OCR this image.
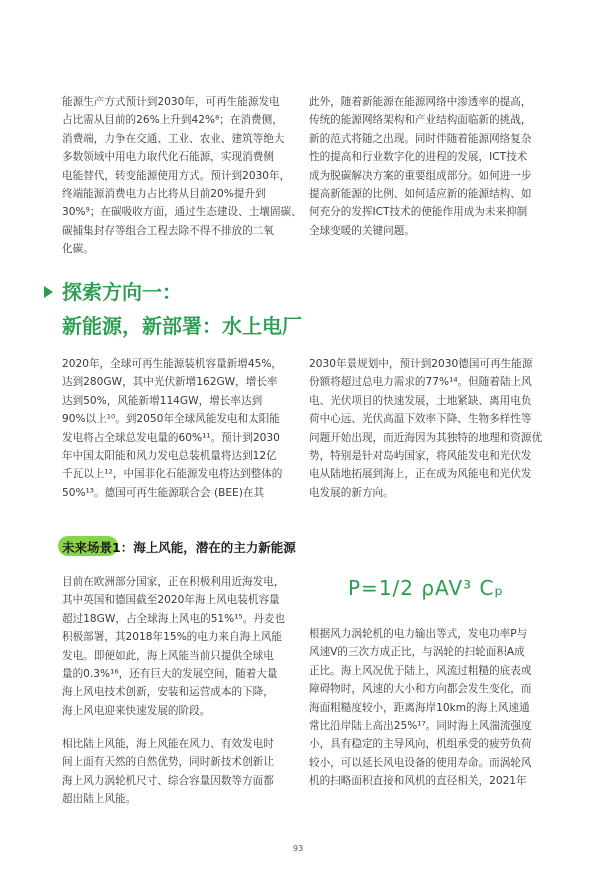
能源生产方式预计到2030年，可再生能源发电
占比需从目前的26%上升到42%⁸；在消费侧，
消费端，力争在交通、工业、农业、建筑等绝大
多数领域中用电力取代化石能源，实现消费侧
电能替代，转变能源使用方式。预计到2030年，
终端能源消费电力占比将从目前20%提升到
30%⁹；在碳吸收方面，通过生态建设、土壤固碳、
碳捕集封存等组合工程去除不得不排放的二氧
化碳。
此外，随着新能源在能源网络中渗透率的提高，
传统的能源网络架构和产业结构面临新的挑战，
新的范式将随之出现。同时伴随着能源网络复杂
性的提高和行业数字化的进程的发展，ICT技术
成为脱碳解决方案的重要组成部分。如何进一步
提高新能源的比例、如何适应新的能源结构、如
何充分的发挥ICT技术的使能作用成为未来抑制
全球变暖的关键问题。
探索方向一：
新能源，新部署：水上电厂
2020年，全球可再生能源装机容量新增45%，
达到280GW，其中光伏新增162GW，增长率
达到50%，风能新增114GW，增长率达到
90%以上¹⁰。到2050年全球风能发电和太阳能
发电将占全球总发电量的60%¹¹。预计到2030
年中国太阳能和风力发电总装机量将达到12亿
千瓦以上¹²，中国非化石能源发电将达到整体的
50%¹³。德国可再生能源联合会 (BEE)在其
2030年景规划中，预计到2030德国可再生能源
份额将超过总电力需求的77%¹⁴。但随着陆上风
电、光伏项目的快速发展，土地紧缺、离用电负
荷中心远、光伏高温下效率下降、生物多样性等
问题开始出现，而近海因为其独特的地理和资源优
势，特别是针对岛屿国家，将风能发电和光伏发
电从陆地拓展到海上，正在成为风能电和光伏发
电发展的新方向。
未来场景1：海上风能，潜在的主力新能源
目前在欧洲部分国家，正在积极利用近海发电，
其中英国和德国截至2020年海上风电装机容量
超过18GW，占全球海上风电的51%¹⁵。丹麦也
积极部署，其2018年15%的电力来自海上风能
发电。即便如此，海上风能当前只提供全球电
量的0.3%¹⁶，还有巨大的发展空间，随着大量
海上风电技术创新，安装和运营成本的下降，
海上风电迎来快速发展的阶段。
相比陆上风能，海上风能在风力、有效发电时
间上面有天然的自然优势，同时新技术创新让
海上风力涡轮机尺寸、综合容量因数等方面都
超出陆上风能。
P=1/2 ρAV³ Cₚ
根据风力涡轮机的电力输出等式，发电功率P与
风速V的三次方成正比，与涡轮的扫轮面积A成
正比。海上风况优于陆上，风流过粗糙的底表或
障碍物时，风速的大小和方向都会发生变化，而
海面粗糙度较小，距离海岸10km的海上风速通
常比沿岸陆上高出25%¹⁷。同时海上风湍流强度
小，具有稳定的主导风向，机组承受的疲劳负荷
较小，可以延长风电设备的使用寿命。而涡轮风
机的扫略面积直接和风机的直径相关，2021年
93
